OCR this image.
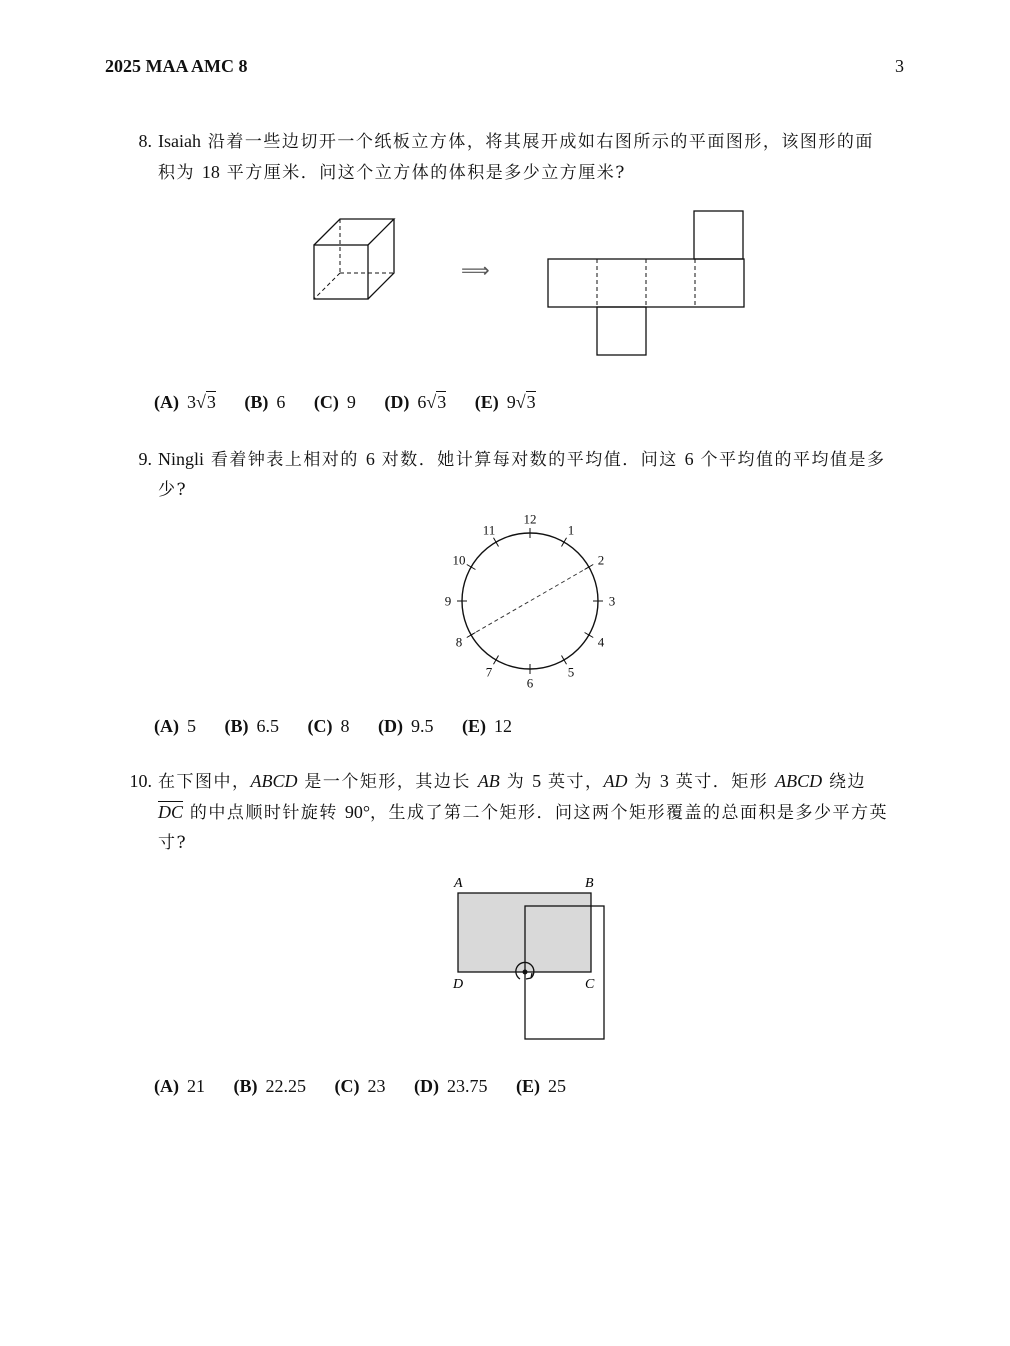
2025 MAA AMC 8	3
8. Isaiah 沿着一些边切开一个纸板立方体，将其展开成如右图所示的平面图形，该图形的面
积为 18 平方厘米．问这个立方体的体积是多少立方厘米?
⟹
(A) 3√3 (B) 6 (C) 9 (D) 6√3 (E) 9√3
9. Ningli 看着钟表上相对的 6 对数．她计算每对数的平均值．问这 6 个平均值的平均值是多
少?
12
1
2
3
4
5
6
7
8
9
10
11
(A) 5 (B) 6.5 (C) 8 (D) 9.5 (E) 12
10. 在下图中，ABCD 是一个矩形，其边长 AB 为 5 英寸，AD 为 3 英寸．矩形 ABCD 绕边
$\overline{DC}$ 的中点顺时针旋转 90°，生成了第二个矩形．问这两个矩形覆盖的总面积是多少平方英
寸?
A	B
C
D
(A) 21 (B) 22.25 (C) 23 (D) 23.75 (E) 25
